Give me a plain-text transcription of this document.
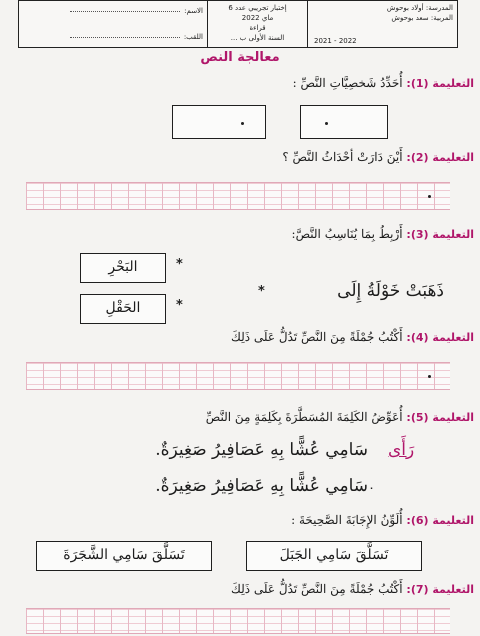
المدرسة: أولاد بوحوش
المربية: سعد بوحوش
2022 - 2021
إختبار تجريبي عدد 6
ماي 2022
قراءة
السنة الأولى ب ...
الاسم:
اللقب:
معالجة النص
التعليمة (1): أُحَدِّدُ شَخصِيَّاتِ النَّصِّ :
التعليمة (2): أَيْنَ دَارَتْ أحْدَاثُ النَّصِّ ؟
التعليمة (3): أَرْبِطُ بِمَا يُنَاسِبُ النَّصَّ:
البَحْرِ	*
الحَقْلِ	*
*	ذَهَبَتْ خَوْلَةُ إِلَى
التعليمة (4): أَكْتُبُ جُمْلَةً مِنَ النَّصِّ تَدُلُّ عَلَى ذَلِكَ
التعليمة (5): أُعَوِّضُ الكَلِمَةَ المُسَطَّرَةَ بِكَلِمَةٍ مِنَ النَّصِّ
رَأَى
سَامِي عُشًّا بِهِ عَصَافِيرُ صَغِيرَةٌ.
سَامِي عُشًّا بِهِ عَصَافِيرُ صَغِيرَةٌ. .
التعليمة (6): أُلَوِّنُ الإِجَابَةَ الصَّحِيحَةَ :
تَسَلَّقَ سَامِي الجَبَلَ
تَسَلَّقَ سَامِي الشَّجَرَةَ
التعليمة (7): أَكْتُبُ جُمْلَةً مِنَ النَّصِّ تَدُلُّ عَلَى ذَلِكَ
